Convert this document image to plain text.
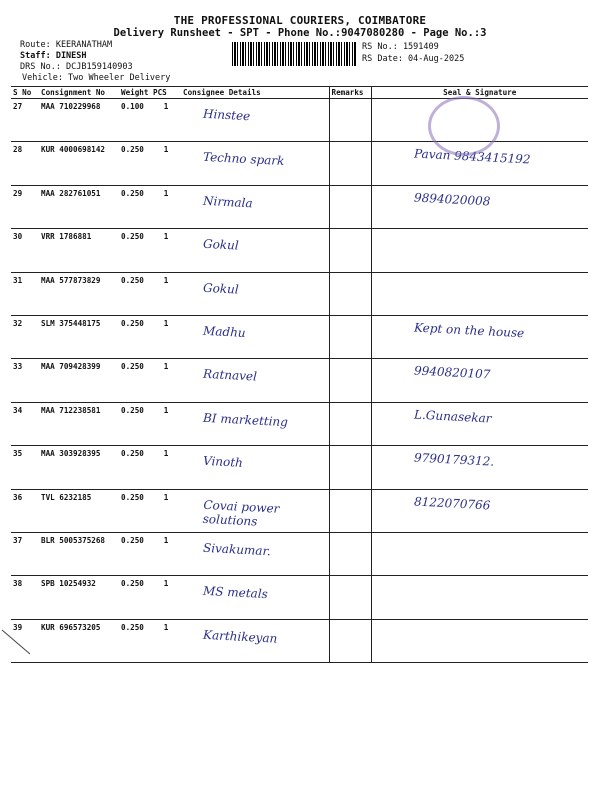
THE PROFESSIONAL COURIERS, COIMBATORE
Delivery Runsheet - SPT - Phone No.:9047080280 - Page No.:3
Route: KEERANATHAM
Staff: DINESH
DRS No.: DCJB159140903
Vehicle: Two Wheeler Delivery
RS No.: 1591409
RS Date: 04-Aug-2025
S No	Consignment No	Weight	PCS	Consignee Details	Remarks	Seal & Signature
27	MAA 710229968	0.100	1	Hinstee		

28	KUR 4000698142	0.250	1	Techno spark		Pavan 9843415192

29	MAA 282761051	0.250	1	Nirmala		9894020008

30	VRR 1786881	0.250	1	Gokul		

31	MAA 577873829	0.250	1	Gokul		

32	SLM 375448175	0.250	1	Madhu		Kept on the house

33	MAA 709428399	0.250	1	Ratnavel		9940820107

34	MAA 712238581	0.250	1	BI marketting		L.Gunasekar

35	MAA 303928395	0.250	1	Vinoth		9790179312.

36	TVL 6232185	0.250	1	Covai power solutions		8122070766

37	BLR 5005375268	0.250	1	Sivakumar.		

38	SPB 10254932	0.250	1	MS metals		

39	KUR 696573205	0.250	1	Karthikeyan		
